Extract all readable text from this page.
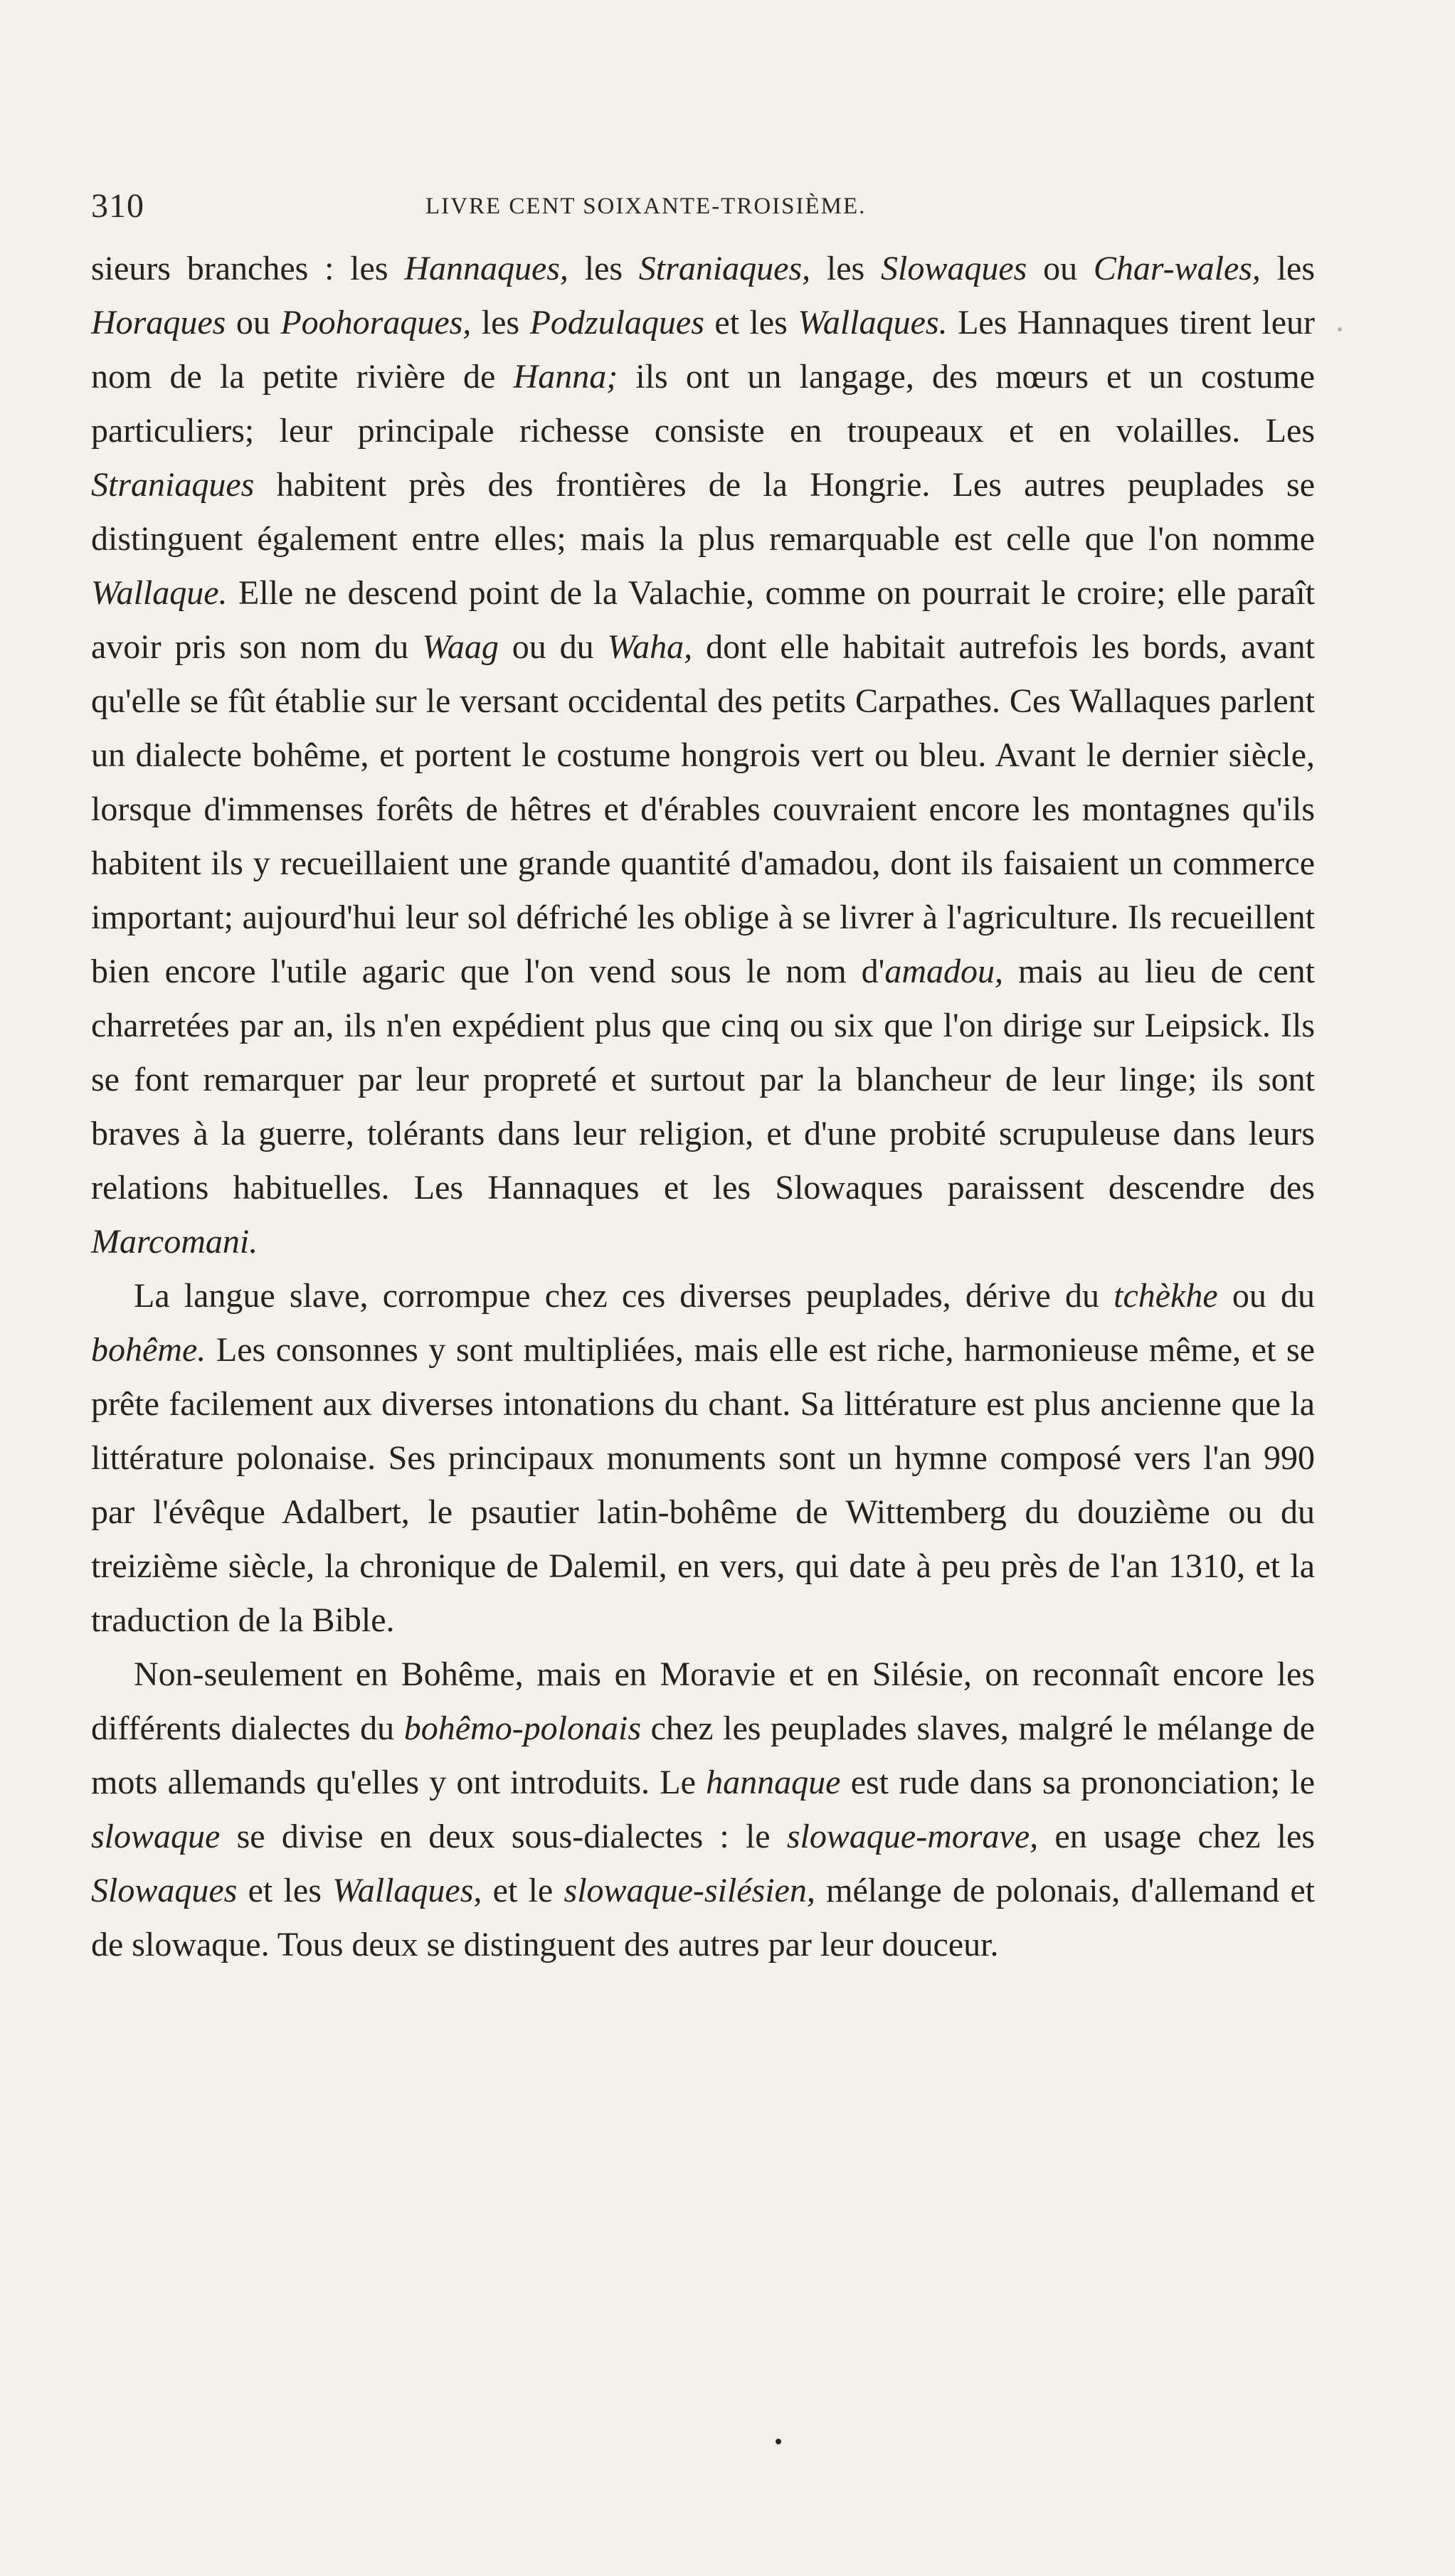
310	LIVRE CENT SOIXANTE-TROISIÈME.

sieurs branches : les Hannaques, les Straniaques, les Slowaques ou Char-wales, les Horaques ou Poohoraques, les Podzulaques et les Wallaques. Les Hannaques tirent leur nom de la petite rivière de Hanna; ils ont un langage, des mœurs et un costume particuliers; leur principale richesse consiste en troupeaux et en volailles. Les Straniaques habitent près des frontières de la Hongrie. Les autres peuplades se distinguent également entre elles; mais la plus remarquable est celle que l'on nomme Wallaque. Elle ne descend point de la Valachie, comme on pourrait le croire; elle paraît avoir pris son nom du Waag ou du Waha, dont elle habitait autrefois les bords, avant qu'elle se fût établie sur le versant occidental des petits Carpathes. Ces Wallaques parlent un dialecte bohême, et portent le costume hongrois vert ou bleu. Avant le dernier siècle, lorsque d'immenses forêts de hêtres et d'érables couvraient encore les montagnes qu'ils habitent ils y recueillaient une grande quantité d'amadou, dont ils faisaient un commerce important; aujourd'hui leur sol défriché les oblige à se livrer à l'agriculture. Ils recueillent bien encore l'utile agaric que l'on vend sous le nom d'amadou, mais au lieu de cent charretées par an, ils n'en expédient plus que cinq ou six que l'on dirige sur Leipsick. Ils se font remarquer par leur propreté et surtout par la blancheur de leur linge; ils sont braves à la guerre, tolérants dans leur religion, et d'une probité scrupuleuse dans leurs relations habituelles. Les Hannaques et les Slowaques paraissent descendre des Marcomani.

La langue slave, corrompue chez ces diverses peuplades, dérive du tchèkhe ou du bohême. Les consonnes y sont multipliées, mais elle est riche, harmonieuse même, et se prête facilement aux diverses intonations du chant. Sa littérature est plus ancienne que la littérature polonaise. Ses principaux monuments sont un hymne composé vers l'an 990 par l'évêque Adalbert, le psautier latin-bohême de Wittemberg du douzième ou du treizième siècle, la chronique de Dalemil, en vers, qui date à peu près de l'an 1310, et la traduction de la Bible.

Non-seulement en Bohême, mais en Moravie et en Silésie, on reconnaît encore les différents dialectes du bohêmo-polonais chez les peuplades slaves, malgré le mélange de mots allemands qu'elles y ont introduits. Le hannaque est rude dans sa prononciation; le slowaque se divise en deux sous-dialectes : le slowaque-morave, en usage chez les Slowaques et les Wallaques, et le slowaque-silésien, mélange de polonais, d'allemand et de slowaque. Tous deux se distinguent des autres par leur douceur.
